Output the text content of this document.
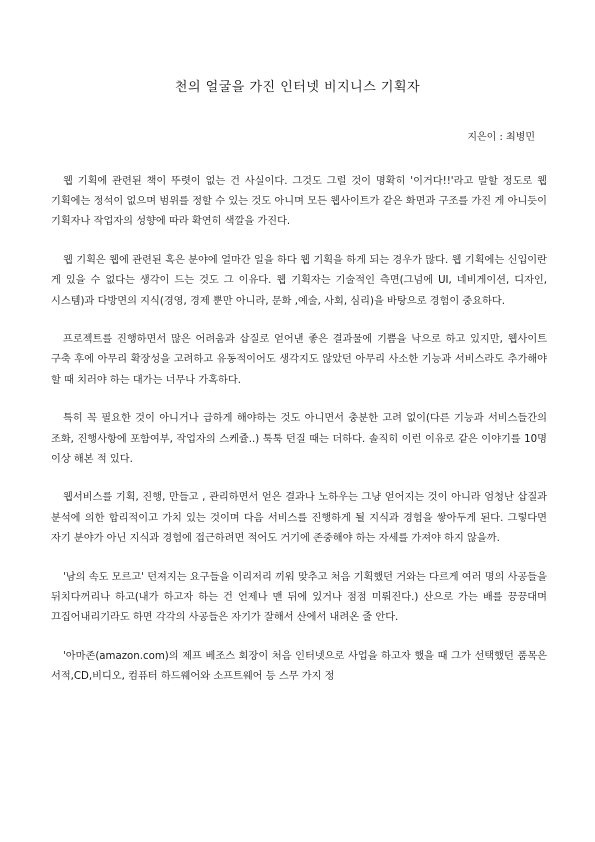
천의 얼굴을 가진 인터넷 비지니스 기획자
지은이 : 최병민

웹 기획에 관련된 책이 뚜렷이 없는 건 사실이다. 그것도 그럴 것이 명확히 '이거다!!'라고 말할 정도로 웹 기획에는 정석이 없으며 범위를 정할 수 있는 것도 아니며 모든 웹사이트가 같은 화면과 구조를 가진 게 아니듯이 기획자나 작업자의 성향에 따라 확연히 색깔을 가진다.

웹 기획은 웹에 관련된 혹은 분야에 얼마간 일을 하다 웹 기획을 하게 되는 경우가 많다. 웹 기획에는 신입이란 게 있을 수 없다는 생각이 드는 것도 그 이유다. 웹 기획자는 기술적인 측면(그넘에 UI, 네비게이션, 디자인, 시스템)과 다방면의 지식(경영, 경제 뿐만 아니라, 문화 ,예술, 사회, 심리)을 바탕으로 경험이 중요하다.

프로젝트를 진행하면서 많은 어려움과 삽질로 얻어낸 좋은 결과물에 기쁨을 낙으로 하고 있지만, 웹사이트 구축 후에 아무리 확장성을 고려하고 유동적이어도 생각지도 않았던 아무리 사소한 기능과 서비스라도 추가해야 할 때 치러야 하는 대가는 너무나 가혹하다.

특히 꼭 필요한 것이 아니거나 급하게 해야하는 것도 아니면서 충분한 고려 없이(다른 기능과 서비스들간의 조화, 진행사항에 포함여부, 작업자의 스케쥴..) 툭툭 던질 때는 더하다. 솔직히 이런 이유로 같은 이야기를 10명 이상 해본 적 있다.

웹서비스를 기획, 진행, 만들고 , 관리하면서 얻은 결과나 노하우는 그냥 얻어지는 것이 아니라 엄청난 삽질과 분석에 의한 합리적이고 가치 있는 것이며 다음 서비스를 진행하게 될 지식과 경험을 쌓아두게 된다. 그렇다면 자기 분야가 아닌 지식과 경험에 접근하려면 적어도 거기에 존중해야 하는 자세를 가져야 하지 않을까.

'남의 속도 모르고' 던져지는 요구들을 이리저리 끼워 맞추고 처음 기획했던 거와는 다르게 여러 명의 사공들을 뒤치다꺼리나 하고(내가 하고자 하는 건 언제나 맨 뒤에 있거나 점점 미뤄진다.) 산으로 가는 배를 끙끙대며 끄집어내리기라도 하면 각각의 사공들은 자기가 잘해서 산에서 내려온 줄 안다.

'아마존(amazon.com)의 제프 베조스 회장이 처음 인터넷으로 사업을 하고자 했을 때 그가 선택했던 품목은 서적,CD,비디오, 컴퓨터 하드웨어와 소프트웨어 등 스무 가지 정
